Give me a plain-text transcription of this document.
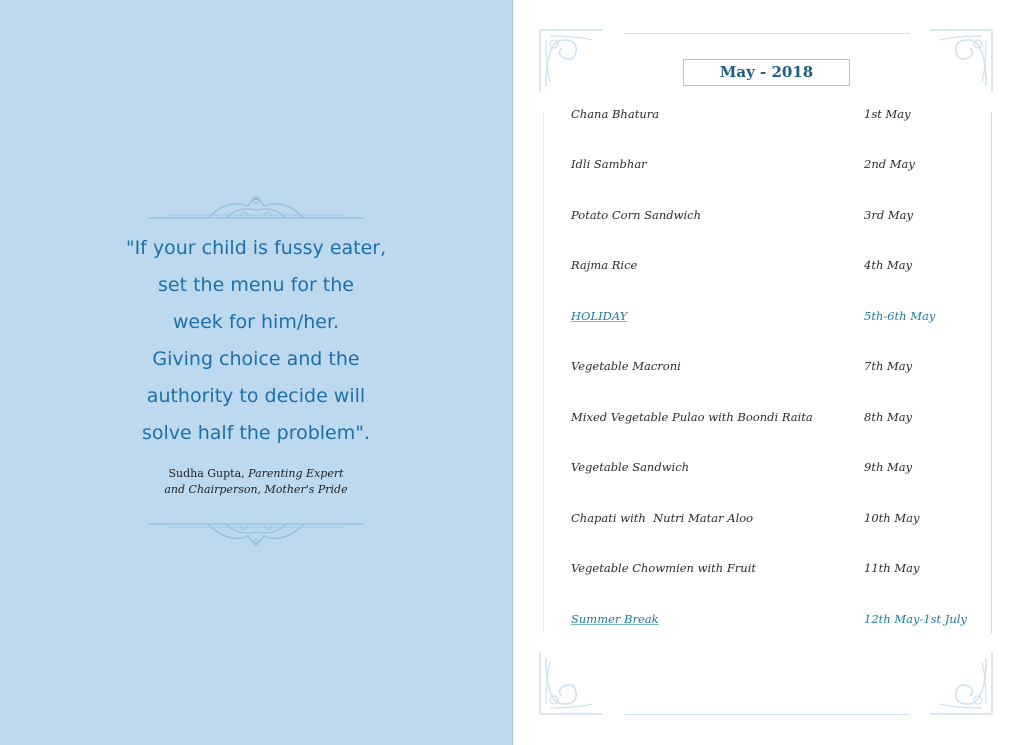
"If your child is fussy eater,
set the menu for the
week for him/her.
Giving choice and the
authority to decide will
solve half the problem".

Sudha Gupta, Parenting Expert
and Chairperson, Mother's Pride
May - 2018
Chana Bhatura	1st May
Idli Sambhar	2nd May
Potato Corn Sandwich	3rd May
Rajma Rice	4th May
HOLIDAY	5th-6th May
Vegetable Macroni	7th May
Mixed Vegetable Pulao with Boondi Raita	8th May
Vegetable Sandwich	9th May
Chapati with  Nutri Matar Aloo	10th May
Vegetable Chowmien with Fruit	11th May
Summer Break	12th May-1st July
